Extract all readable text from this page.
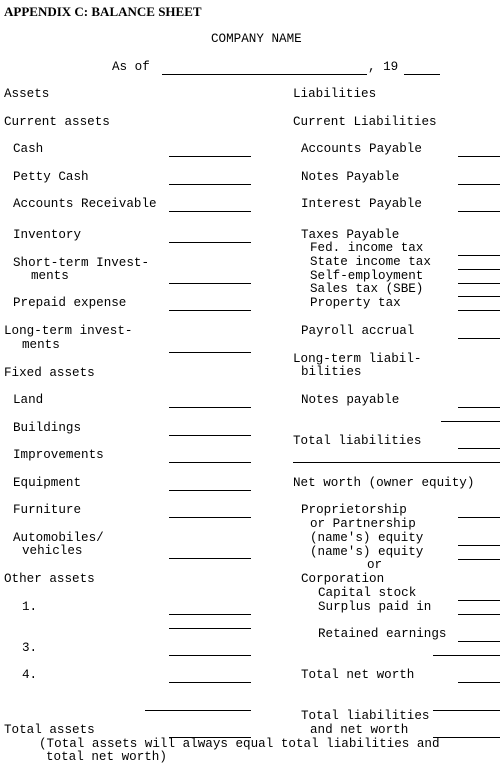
APPENDIX C: BALANCE SHEET
COMPANY NAME
As of	, 19
Assets
Current assets
Cash
Petty Cash
Accounts Receivable
Inventory
Short-term Invest-
ments
Prepaid expense
Long-term invest-
ments
Fixed assets
Land
Buildings
Improvements
Equipment
Furniture
Automobiles/
vehicles
Other assets
1.
3.
4.
Total assets
Liabilities
Current Liabilities
Accounts Payable
Notes Payable
Interest Payable
Taxes Payable
Fed. income tax
State income tax
Self-employment
Sales tax (SBE)
Property tax
Payroll accrual
Long-term liabil-
bilities
Notes payable
Total liabilities
Net worth (owner equity)
Proprietorship
or Partnership
(name's) equity
(name's) equity
or
Corporation
Capital stock
Surplus paid in
Retained earnings
Total net worth
Total liabilities
and net worth
(Total assets will always equal total liabilities and
total net worth)
